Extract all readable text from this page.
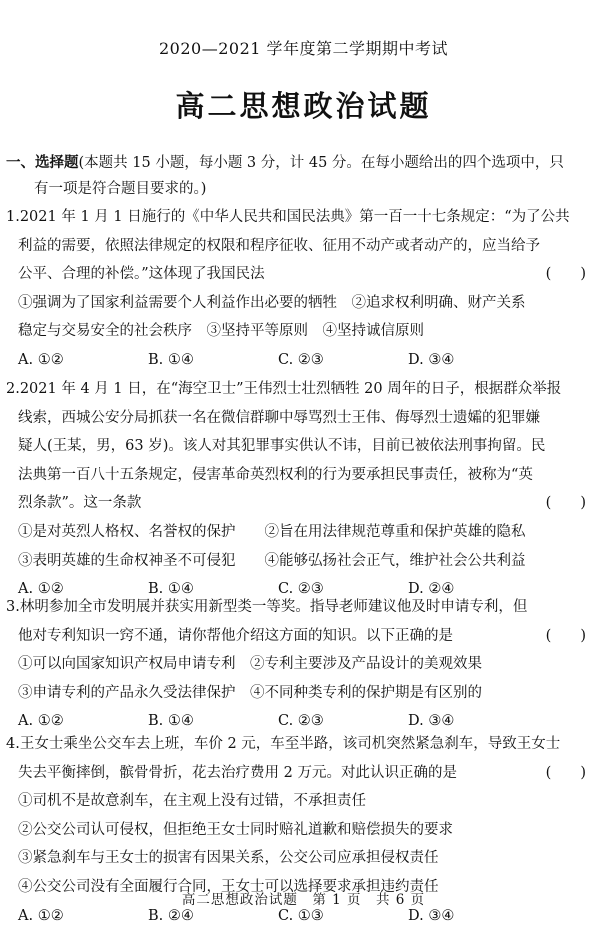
2020—2021 学年度第二学期期中考试
高二思想政治试题
一、选择题(本题共 15 小题，每小题 3 分，计 45 分。在每小题给出的四个选项中，只
有一项是符合题目要求的。)
1.2021 年 1 月 1 日施行的《中华人民共和国民法典》第一百一十七条规定：“为了公共
利益的需要，依照法律规定的权限和程序征收、征用不动产或者动产的，应当给予
公平、合理的补偿。”这体现了我国民法	(　　)
①强调为了国家利益需要个人利益作出必要的牺牲　②追求权利明确、财产关系
稳定与交易安全的社会秩序　③坚持平等原则　④坚持诚信原则
A. ①②	B. ①④	C. ②③	D. ③④
2.2021 年 4 月 1 日，在“海空卫士”王伟烈士壮烈牺牲 20 周年的日子，根据群众举报
线索，西城公安分局抓获一名在微信群聊中辱骂烈士王伟、侮辱烈士遗孀的犯罪嫌
疑人(王某，男，63 岁)。该人对其犯罪事实供认不讳，目前已被依法刑事拘留。民
法典第一百八十五条规定，侵害革命英烈权利的行为要承担民事责任，被称为“英
烈条款”。这一条款	(　　)
①是对英烈人格权、名誉权的保护　　②旨在用法律规范尊重和保护英雄的隐私
③表明英雄的生命权神圣不可侵犯　　④能够弘扬社会正气，维护社会公共利益
A. ①②	B. ①④	C. ②③	D. ②④
3.林明参加全市发明展并获实用新型类一等奖。指导老师建议他及时申请专利，但
他对专利知识一窍不通，请你帮他介绍这方面的知识。以下正确的是	(　　)
①可以向国家知识产权局申请专利　②专利主要涉及产品设计的美观效果
③申请专利的产品永久受法律保护　④不同种类专利的保护期是有区别的
A. ①②	B. ①④	C. ②③	D. ③④
4.王女士乘坐公交车去上班，车价 2 元，车至半路，该司机突然紧急刹车，导致王女士
失去平衡摔倒，髌骨骨折，花去治疗费用 2 万元。对此认识正确的是	(　　)
①司机不是故意刹车，在主观上没有过错，不承担责任
②公交公司认可侵权，但拒绝王女士同时赔礼道歉和赔偿损失的要求
③紧急刹车与王女士的损害有因果关系，公交公司应承担侵权责任
④公交公司没有全面履行合同，王女士可以选择要求承担违约责任
A. ①②	B. ②④	C. ①③	D. ③④
高二思想政治试题　第 1 页　共 6 页
